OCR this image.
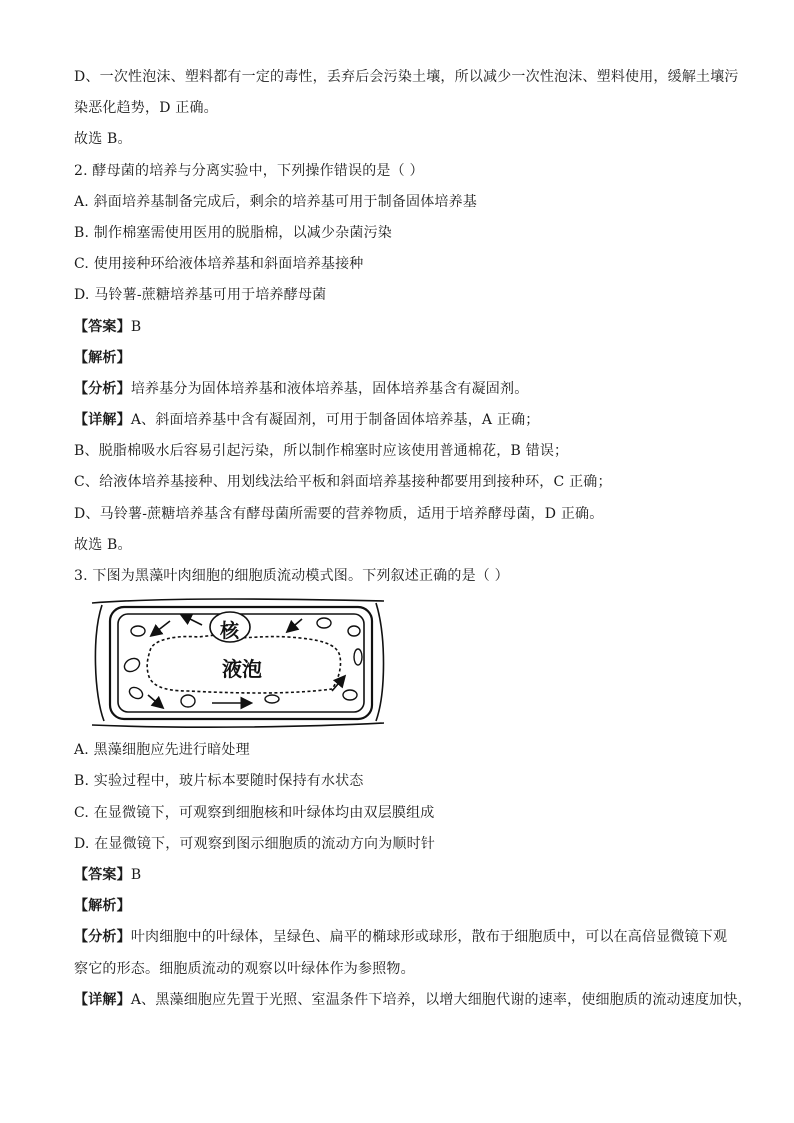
D、一次性泡沫、塑料都有一定的毒性，丢弃后会污染土壤，所以减少一次性泡沫、塑料使用，缓解土壤污
染恶化趋势，D 正确。
故选 B。
2. 酵母菌的培养与分离实验中，下列操作错误的是（ ）
A. 斜面培养基制备完成后，剩余的培养基可用于制备固体培养基
B. 制作棉塞需使用医用的脱脂棉，以减少杂菌污染
C. 使用接种环给液体培养基和斜面培养基接种
D. 马铃薯-蔗糖培养基可用于培养酵母菌
【答案】B
【解析】
【分析】培养基分为固体培养基和液体培养基，固体培养基含有凝固剂。
【详解】A、斜面培养基中含有凝固剂，可用于制备固体培养基，A 正确；
B、脱脂棉吸水后容易引起污染，所以制作棉塞时应该使用普通棉花，B 错误；
C、给液体培养基接种、用划线法给平板和斜面培养基接种都要用到接种环，C 正确；
D、马铃薯-蔗糖培养基含有酵母菌所需要的营养物质，适用于培养酵母菌，D 正确。
故选 B。
3. 下图为黑藻叶肉细胞的细胞质流动模式图。下列叙述正确的是（ ）
核
液泡
A. 黑藻细胞应先进行暗处理
B. 实验过程中，玻片标本要随时保持有水状态
C. 在显微镜下，可观察到细胞核和叶绿体均由双层膜组成
D. 在显微镜下，可观察到图示细胞质的流动方向为顺时针
【答案】B
【解析】
【分析】叶肉细胞中的叶绿体，呈绿色、扁平的椭球形或球形，散布于细胞质中，可以在高倍显微镜下观
察它的形态。细胞质流动的观察以叶绿体作为参照物。
【详解】A、黑藻细胞应先置于光照、室温条件下培养，以增大细胞代谢的速率，使细胞质的流动速度加快，
